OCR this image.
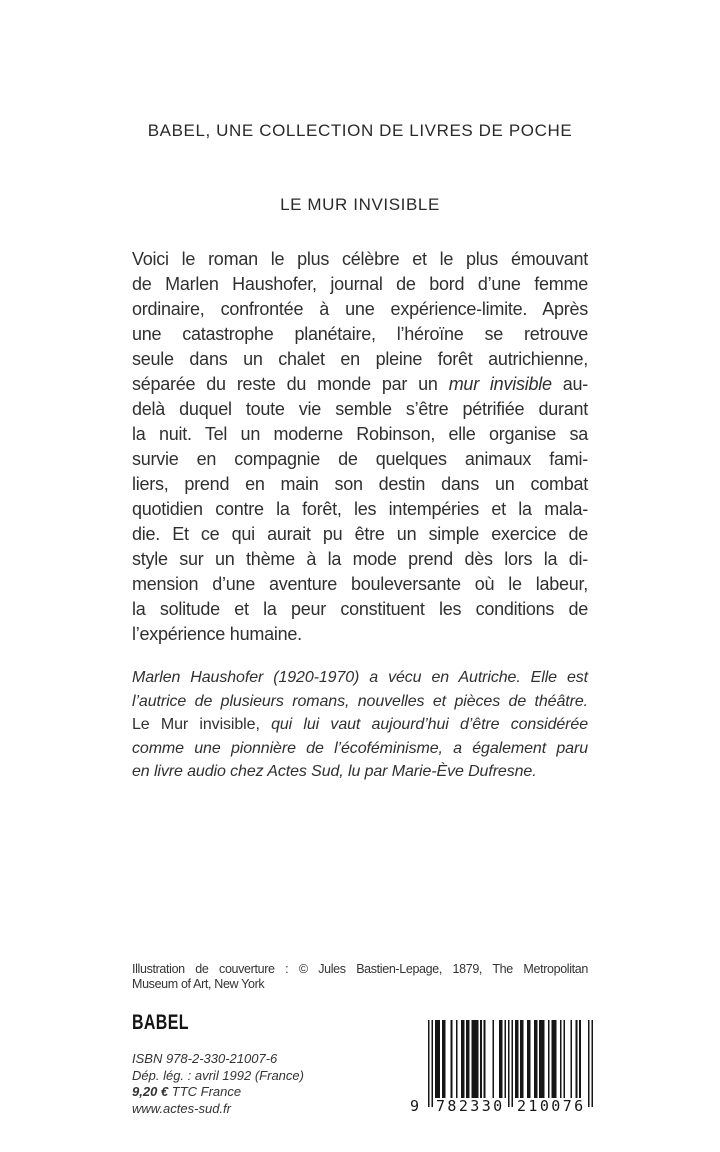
BABEL, UNE COLLECTION DE LIVRES DE POCHE
LE MUR INVISIBLE
Voici le roman le plus célèbre et le plus émouvant
de Marlen Haushofer, journal de bord d’une femme
ordinaire, confrontée à une expérience-limite. Après
une catastrophe planétaire, l’héroïne se retrouve
seule dans un chalet en pleine forêt autrichienne,
séparée du reste du monde par un mur invisible au-
delà duquel toute vie semble s’être pétrifiée durant
la nuit. Tel un moderne Robinson, elle organise sa
survie en compagnie de quelques animaux fami-
liers, prend en main son destin dans un combat
quotidien contre la forêt, les intempéries et la mala-
die. Et ce qui aurait pu être un simple exercice de
style sur un thème à la mode prend dès lors la di-
mension d’une aventure bouleversante où le labeur,
la solitude et la peur constituent les conditions de
l’expérience humaine.
Marlen Haushofer (1920-1970) a vécu en Autriche. Elle est
l’autrice de plusieurs romans, nouvelles et pièces de théâtre.
Le Mur invisible, qui lui vaut aujourd’hui d’être considérée
comme une pionnière de l’écoféminisme, a également paru
en livre audio chez Actes Sud, lu par Marie-Ève Dufresne.
Illustration de couverture : © Jules Bastien-Lepage, 1879, The Metropolitan
Museum of Art, New York
BABEL
ISBN 978-2-330-21007-6
Dép. lég. : avril 1992 (France)
9,20 € TTC France
www.actes-sud.fr	9 782330 210076
